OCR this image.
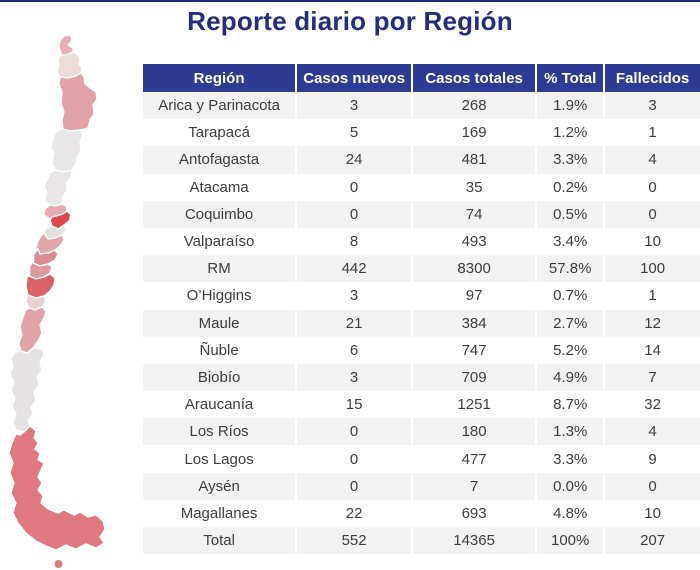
Reporte diario por Región
Región	Casos nuevos	Casos totales	% Total	Fallecidos
Arica y Parinacota	3	268	1.9%	3
Tarapacá	5	169	1.2%	1
Antofagasta	24	481	3.3%	4
Atacama	0	35	0.2%	0
Coquimbo	0	74	0.5%	0
Valparaíso	8	493	3.4%	10
RM	442	8300	57.8%	100
O’Higgins	3	97	0.7%	1
Maule	21	384	2.7%	12
Ñuble	6	747	5.2%	14
Biobío	3	709	4.9%	7
Araucanía	15	1251	8.7%	32
Los Ríos	0	180	1.3%	4
Los Lagos	0	477	3.3%	9
Aysén	0	7	0.0%	0
Magallanes	22	693	4.8%	10
Total	552	14365	100%	207
